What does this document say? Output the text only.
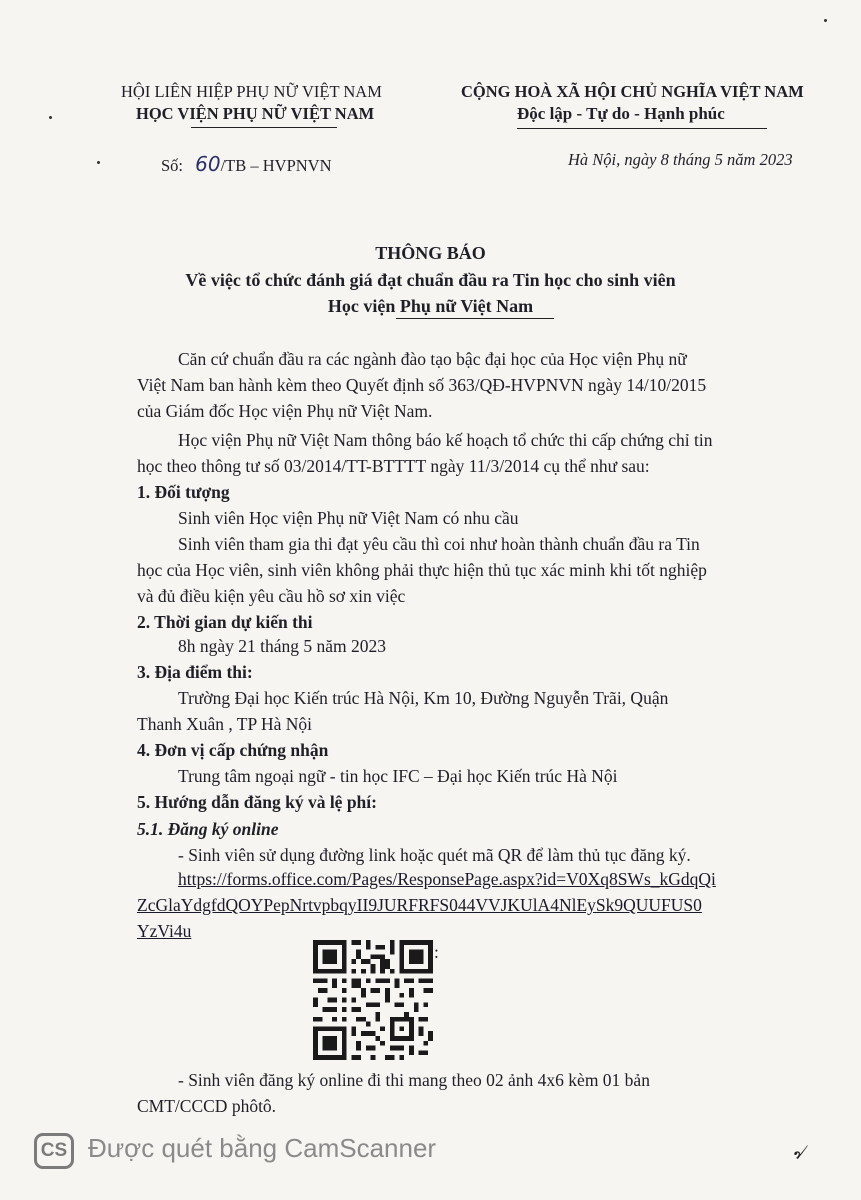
HỘI LIÊN HIỆP PHỤ NỮ VIỆT NAM
HỌC VIỆN PHỤ NỮ VIỆT NAM
CỘNG HOÀ XÃ HỘI CHỦ NGHĨA VIỆT NAM
Độc lập - Tự do - Hạnh phúc
Số: 60/TB – HVPNVN	Hà Nội, ngày 8 tháng 5 năm 2023
THÔNG BÁO
Về việc tổ chức đánh giá đạt chuẩn đầu ra Tin học cho sinh viên
Học viện Phụ nữ Việt Nam
Căn cứ chuẩn đầu ra các ngành đào tạo bậc đại học của Học viện Phụ nữ
Việt Nam ban hành kèm theo Quyết định số 363/QĐ-HVPNVN ngày 14/10/2015
của Giám đốc Học viện Phụ nữ Việt Nam.
Học viện Phụ nữ Việt Nam thông báo kế hoạch tổ chức thi cấp chứng chỉ tin
học theo thông tư số 03/2014/TT-BTTTT ngày 11/3/2014 cụ thể như sau:
1. Đối tượng
Sinh viên Học viện Phụ nữ Việt Nam có nhu cầu
Sinh viên tham gia thi đạt yêu cầu thì coi như hoàn thành chuẩn đầu ra Tin
học của Học viên, sinh viên không phải thực hiện thủ tục xác minh khi tốt nghiệp
và đủ điều kiện yêu cầu hồ sơ xin việc
2. Thời gian dự kiến thi
8h ngày 21 tháng 5 năm 2023
3. Địa điểm thi:
Trường Đại học Kiến trúc Hà Nội, Km 10, Đường Nguyễn Trãi, Quận
Thanh Xuân , TP Hà Nội
4. Đơn vị cấp chứng nhận
Trung tâm ngoại ngữ - tin học IFC – Đại học Kiến trúc Hà Nội
5. Hướng dẫn đăng ký và lệ phí:
5.1. Đăng ký online
- Sinh viên sử dụng đường link hoặc quét mã QR để làm thủ tục đăng ký.
https://forms.office.com/Pages/ResponsePage.aspx?id=V0Xq8SWs_kGdqQi
ZcGlaYdgfdQOYPepNrtvpbqyII9JURFRFS044VVJKUlA4NlEySk9QUUFUS0
YzVi4u
:
- Sinh viên đăng ký online đi thi mang theo 02 ảnh 4x6 kèm 01 bản
CMT/CCCD phôtô.
CS Được quét bằng CamScanner	৵
